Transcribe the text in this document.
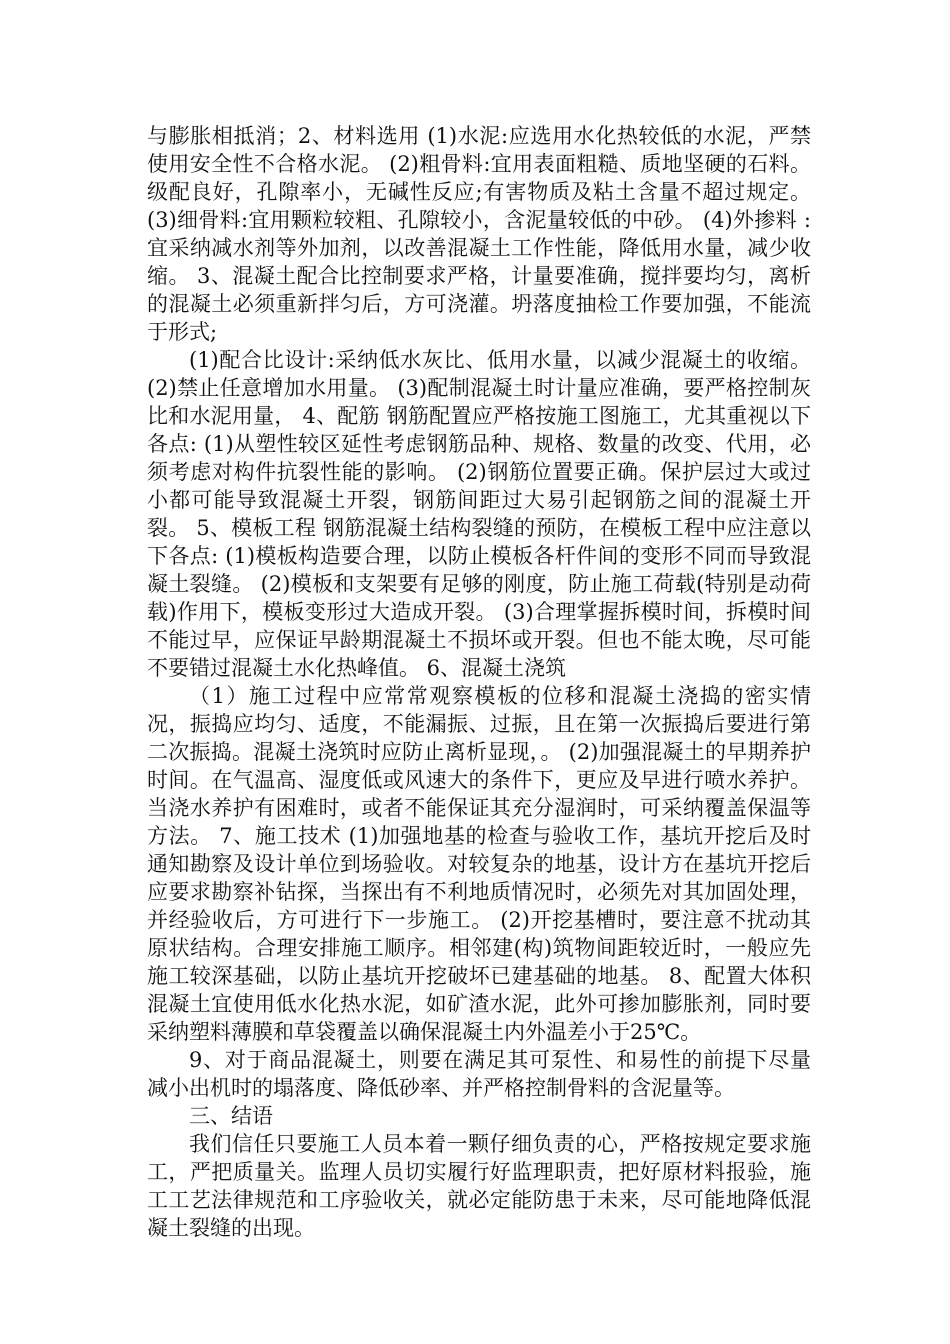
与膨胀相抵消；2、材料选用 (1)水泥:应选用水化热较低的水泥，严禁使用安全性不合格水泥。 (2)粗骨料:宜用表面粗糙、质地坚硬的石料。级配良好，孔隙率小，无碱性反应;有害物质及粘土含量不超过规定。 (3)细骨料:宜用颗粒较粗、孔隙较小，含泥量较低的中砂。 (4)外掺料 :宜采纳减水剂等外加剂，以改善混凝土工作性能，降低用水量，减少收缩。 3、混凝土配合比控制要求严格，计量要准确，搅拌要均匀，离析的混凝土必须重新拌匀后，方可浇灌。坍落度抽检工作要加强，不能流于形式;

(1)配合比设计:采纳低水灰比、低用水量，以减少混凝土的收缩。 (2)禁止任意增加水用量。 (3)配制混凝土时计量应准确，要严格控制灰比和水泥用量， 4、配筋 钢筋配置应严格按施工图施工，尤其重视以下各点: (1)从塑性较区延性考虑钢筋品种、规格、数量的改变、代用，必须考虑对构件抗裂性能的影响。 (2)钢筋位置要正确。保护层过大或过小都可能导致混凝土开裂，钢筋间距过大易引起钢筋之间的混凝土开裂。 5、模板工程 钢筋混凝土结构裂缝的预防，在模板工程中应注意以下各点: (1)模板构造要合理，以防止模板各杆件间的变形不同而导致混凝土裂缝。 (2)模板和支架要有足够的刚度，防止施工荷载(特别是动荷载)作用下，模板变形过大造成开裂。 (3)合理掌握拆模时间，拆模时间不能过早，应保证早龄期混凝土不损坏或开裂。但也不能太晚，尽可能不要错过混凝土水化热峰值。 6、混凝土浇筑

（1）施工过程中应常常观察模板的位移和混凝土浇捣的密实情况，振捣应均匀、适度，不能漏振、过振，且在第一次振捣后要进行第二次振捣。混凝土浇筑时应防止离析显现，。 (2)加强混凝土的早期养护时间。在气温高、湿度低或风速大的条件下，更应及早进行喷水养护。当浇水养护有困难时，或者不能保证其充分湿润时，可采纳覆盖保温等方法。 7、施工技术 (1)加强地基的检查与验收工作，基坑开挖后及时通知勘察及设计单位到场验收。对较复杂的地基，设计方在基坑开挖后应要求勘察补钻探，当探出有不利地质情况时，必须先对其加固处理，并经验收后，方可进行下一步施工。 (2)开挖基槽时，要注意不扰动其原状结构。合理安排施工顺序。相邻建(构)筑物间距较近时，一般应先施工较深基础，以防止基坑开挖破坏已建基础的地基。 8、配置大体积混凝土宜使用低水化热水泥，如矿渣水泥，此外可掺加膨胀剂，同时要采纳塑料薄膜和草袋覆盖以确保混凝土内外温差小于25℃。

9、对于商品混凝土，则要在满足其可泵性、和易性的前提下尽量减小出机时的塌落度、降低砂率、并严格控制骨料的含泥量等。

三、结语

我们信任只要施工人员本着一颗仔细负责的心，严格按规定要求施工，严把质量关。监理人员切实履行好监理职责，把好原材料报验，施工工艺法律规范和工序验收关，就必定能防患于未来，尽可能地降低混凝土裂缝的出现。
